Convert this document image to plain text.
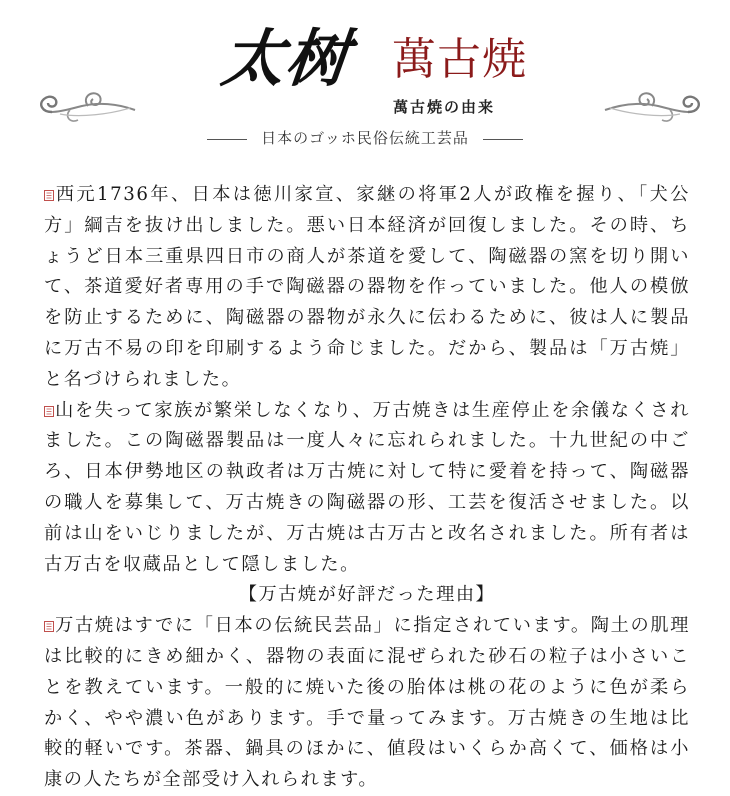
太树 萬古焼
萬古焼の由来
日本のゴッホ民俗伝統工芸品

西元1736年、日本は徳川家宣、家継の将軍2人が政権を握り、「犬公方」綱吉を抜け出しました。悪い日本経済が回復しました。その時、ちょうど日本三重県四日市の商人が茶道を愛して、陶磁器の窯を切り開いて、茶道愛好者専用の手で陶磁器の器物を作っていました。他人の模倣を防止するために、陶磁器の器物が永久に伝わるために、彼は人に製品に万古不易の印を印刷するよう命じました。だから、製品は「万古焼」と名づけられました。

山を失って家族が繁栄しなくなり、万古焼きは生産停止を余儀なくされました。この陶磁器製品は一度人々に忘れられました。十九世紀の中ごろ、日本伊勢地区の執政者は万古焼に対して特に愛着を持って、陶磁器の職人を募集して、万古焼きの陶磁器の形、工芸を復活させました。以前は山をいじりましたが、万古焼は古万古と改名されました。所有者は古万古を収蔵品として隠しました。

【万古焼が好評だった理由】

万古焼はすでに「日本の伝統民芸品」に指定されています。陶土の肌理は比較的にきめ細かく、器物の表面に混ぜられた砂石の粒子は小さいことを教えています。一般的に焼いた後の胎体は桃の花のように色が柔らかく、やや濃い色があります。手で量ってみます。万古焼きの生地は比較的軽いです。茶器、鍋具のほかに、値段はいくらか高くて、価格は小康の人たちが全部受け入れられます。
